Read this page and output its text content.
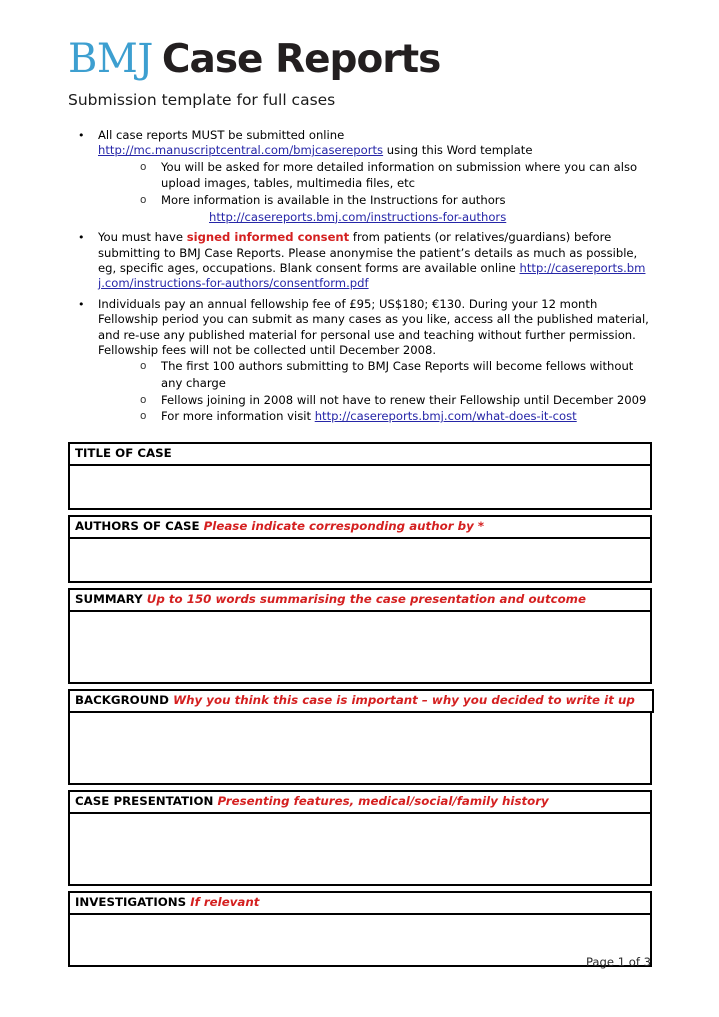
BMJ Case Reports
Submission template for full cases
• All case reports MUST be submitted online
http://mc.manuscriptcentral.com/bmjcasereports using this Word template
o You will be asked for more detailed information on submission where you can also upload images, tables, multimedia files, etc
o More information is available in the Instructions for authors
http://casereports.bmj.com/instructions-for-authors
• You must have signed informed consent from patients (or relatives/guardians) before submitting to BMJ Case Reports. Please anonymise the patient’s details as much as possible, eg, specific ages, occupations. Blank consent forms are available online http://casereports.bmj.com/instructions-for-authors/consentform.pdf
• Individuals pay an annual fellowship fee of £95; US$180; €130. During your 12 month Fellowship period you can submit as many cases as you like, access all the published material, and re-use any published material for personal use and teaching without further permission. Fellowship fees will not be collected until December 2008.
o The first 100 authors submitting to BMJ Case Reports will become fellows without any charge
o Fellows joining in 2008 will not have to renew their Fellowship until December 2009
o For more information visit http://casereports.bmj.com/what-does-it-cost
TITLE OF CASE
AUTHORS OF CASE Please indicate corresponding author by *
SUMMARY Up to 150 words summarising the case presentation and outcome
BACKGROUND Why you think this case is important – why you decided to write it up
CASE PRESENTATION Presenting features, medical/social/family history
INVESTIGATIONS If relevant
Page 1 of 3
